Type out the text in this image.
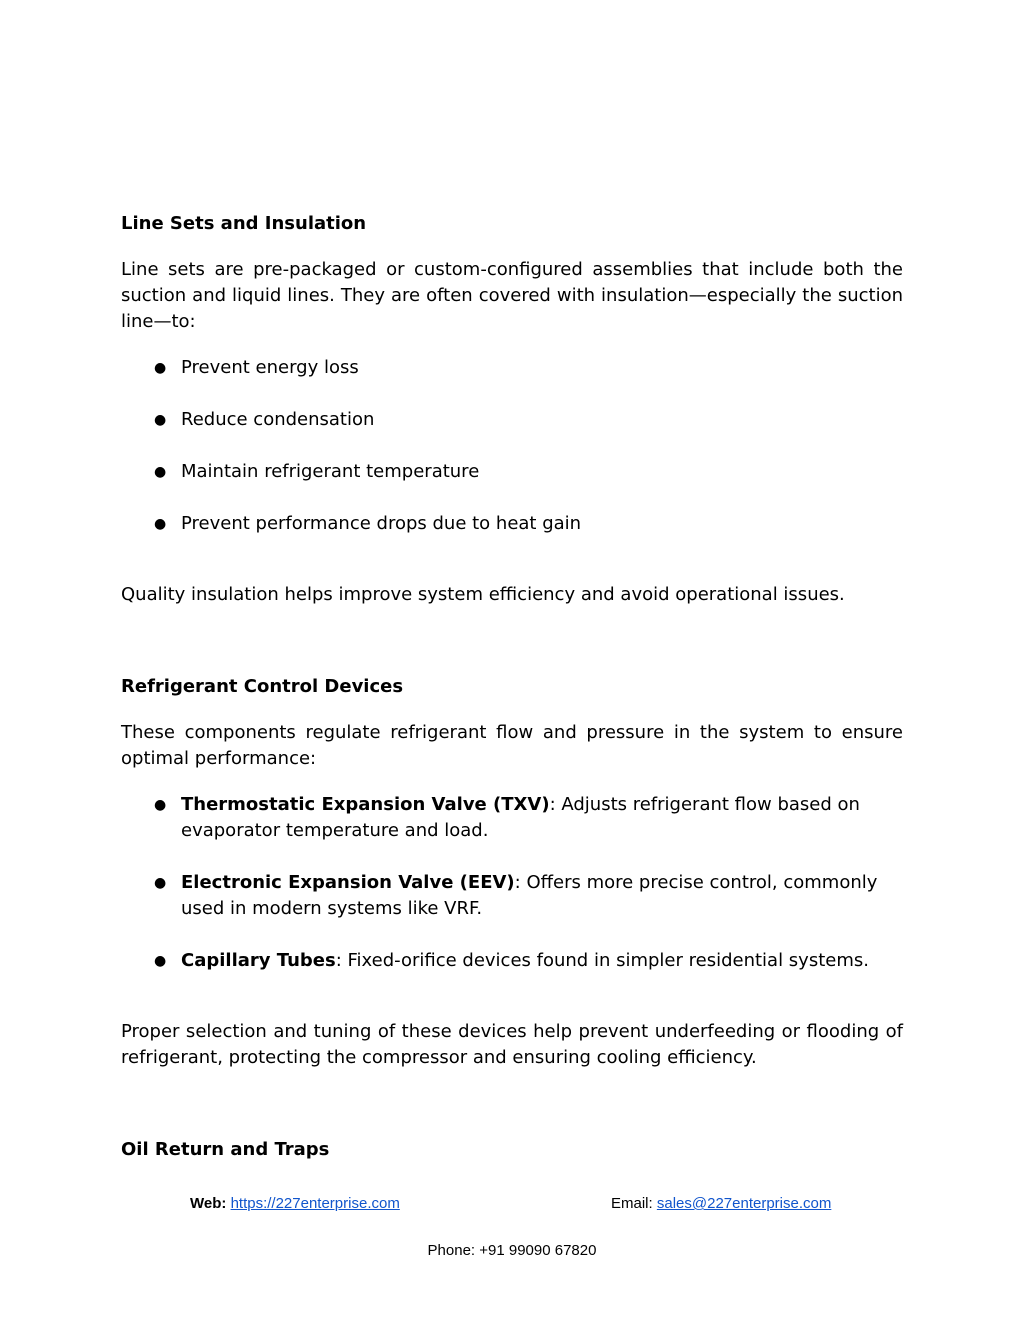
Line Sets and Insulation

Line sets are pre-packaged or custom-configured assemblies that include both the suction and liquid lines. They are often covered with insulation—especially the suction line—to:

● Prevent energy loss
● Reduce condensation
● Maintain refrigerant temperature
● Prevent performance drops due to heat gain

Quality insulation helps improve system efficiency and avoid operational issues.

Refrigerant Control Devices

These components regulate refrigerant flow and pressure in the system to ensure optimal performance:

● Thermostatic Expansion Valve (TXV): Adjusts refrigerant flow based on evaporator temperature and load.
● Electronic Expansion Valve (EEV): Offers more precise control, commonly used in modern systems like VRF.
● Capillary Tubes: Fixed-orifice devices found in simpler residential systems.

Proper selection and tuning of these devices help prevent underfeeding or flooding of refrigerant, protecting the compressor and ensuring cooling efficiency.

Oil Return and Traps

Web: https://227enterprise.com	Email: sales@227enterprise.com
Phone: +91 99090 67820
